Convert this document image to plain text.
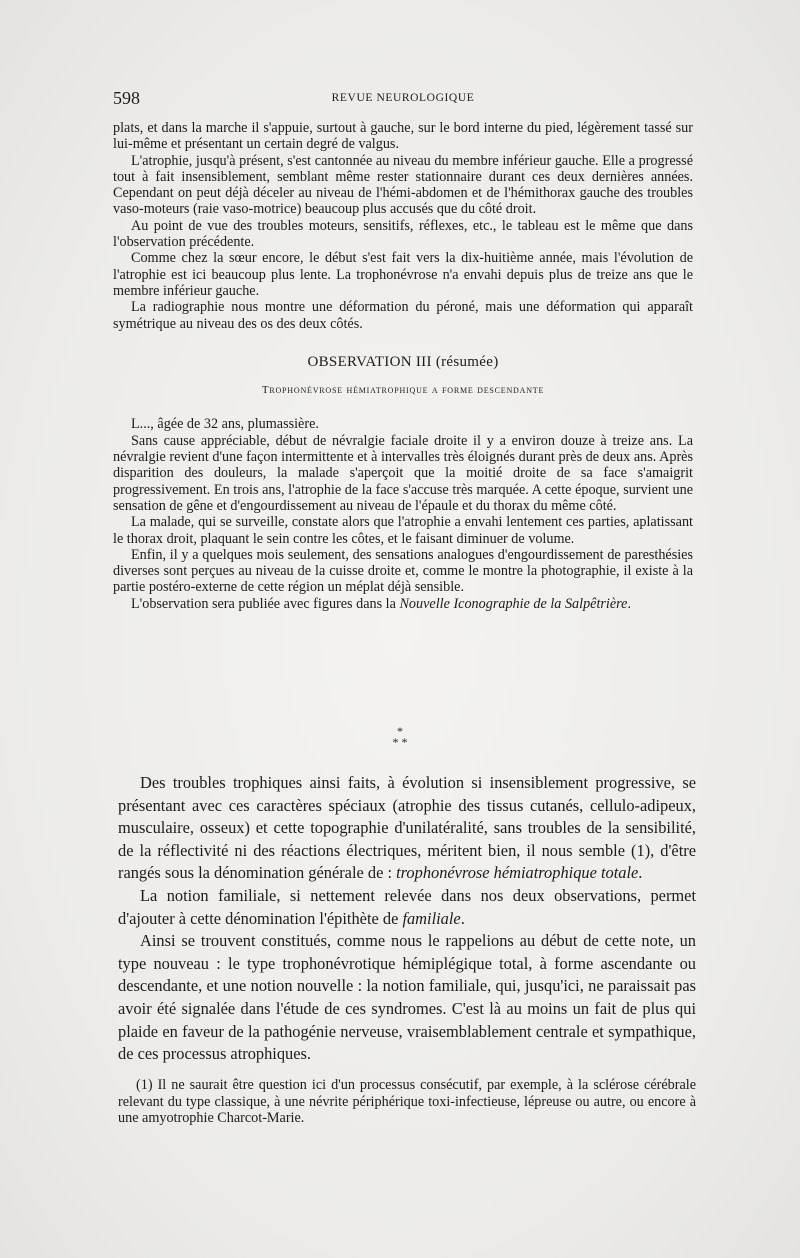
598	REVUE NEUROLOGIQUE

plats, et dans la marche il s'appuie, surtout à gauche, sur le bord interne du pied, légèrement tassé sur lui-même et présentant un certain degré de valgus.

L'atrophie, jusqu'à présent, s'est cantonnée au niveau du membre inférieur gauche. Elle a progressé tout à fait insensiblement, semblant même rester stationnaire durant ces deux dernières années. Cependant on peut déjà déceler au niveau de l'hémi-abdomen et de l'hémithorax gauche des troubles vaso-moteurs (raie vaso-motrice) beaucoup plus accusés que du côté droit.

Au point de vue des troubles moteurs, sensitifs, réflexes, etc., le tableau est le même que dans l'observation précédente.

Comme chez la sœur encore, le début s'est fait vers la dix-huitième année, mais l'évolution de l'atrophie est ici beaucoup plus lente. La trophonévrose n'a envahi depuis plus de treize ans que le membre inférieur gauche.

La radiographie nous montre une déformation du péroné, mais une déformation qui apparaît symétrique au niveau des os des deux côtés.

OBSERVATION III (résumée)

Trophonévrose hémiatrophique a forme descendante

L..., âgée de 32 ans, plumassière.

Sans cause appréciable, début de névralgie faciale droite il y a environ douze à treize ans. La névralgie revient d'une façon intermittente et à intervalles très éloignés durant près de deux ans. Après disparition des douleurs, la malade s'aperçoit que la moitié droite de sa face s'amaigrit progressivement. En trois ans, l'atrophie de la face s'accuse très marquée. A cette époque, survient une sensation de gêne et d'engourdissement au niveau de l'épaule et du thorax du même côté.

La malade, qui se surveille, constate alors que l'atrophie a envahi lentement ces parties, aplatissant le thorax droit, plaquant le sein contre les côtes, et le faisant diminuer de volume.

Enfin, il y a quelques mois seulement, des sensations analogues d'engourdissement de paresthésies diverses sont perçues au niveau de la cuisse droite et, comme le montre la photographie, il existe à la partie postéro-externe de cette région un méplat déjà sensible.

L'observation sera publiée avec figures dans la Nouvelle Iconographie de la Salpêtrière.

*
* *

Des troubles trophiques ainsi faits, à évolution si insensiblement progressive, se présentant avec ces caractères spéciaux (atrophie des tissus cutanés, cellulo-adipeux, musculaire, osseux) et cette topographie d'unilatéralité, sans troubles de la sensibilité, de la réflectivité ni des réactions électriques, méritent bien, il nous semble (1), d'être rangés sous la dénomination générale de : trophonévrose hémiatrophique totale.

La notion familiale, si nettement relevée dans nos deux observations, permet d'ajouter à cette dénomination l'épithète de familiale.

Ainsi se trouvent constitués, comme nous le rappelions au début de cette note, un type nouveau : le type trophonévrotique hémiplégique total, à forme ascendante ou descendante, et une notion nouvelle : la notion familiale, qui, jusqu'ici, ne paraissait pas avoir été signalée dans l'étude de ces syndromes. C'est là au moins un fait de plus qui plaide en faveur de la pathogénie nerveuse, vraisemblablement centrale et sympathique, de ces processus atrophiques.

(1) Il ne saurait être question ici d'un processus consécutif, par exemple, à la sclérose cérébrale relevant du type classique, à une névrite périphérique toxi-infectieuse, lépreuse ou autre, ou encore à une amyotrophie Charcot-Marie.
